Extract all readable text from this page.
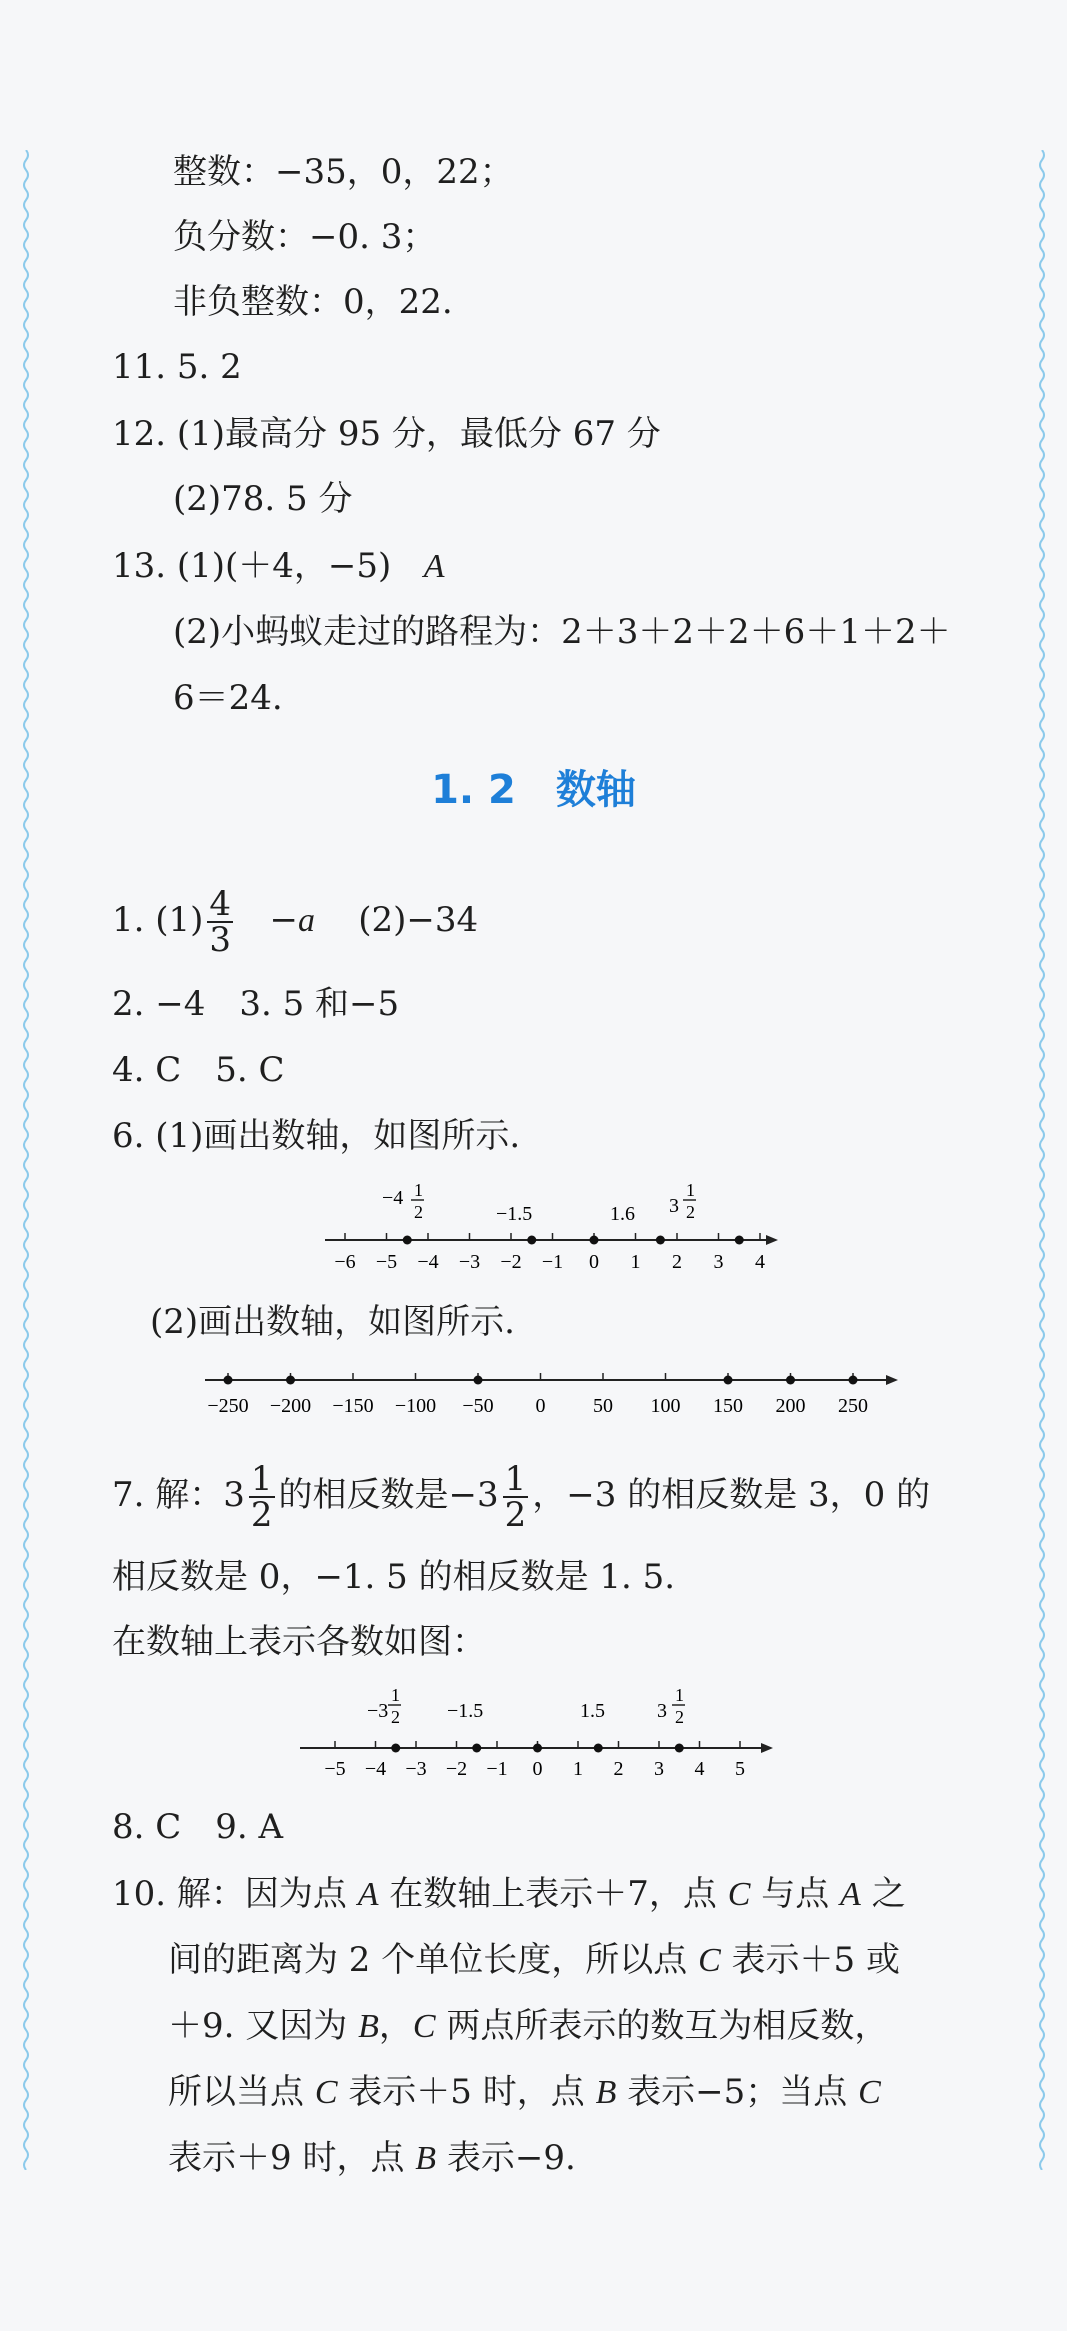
整数：−35，0，22；
负分数：−0. 3；
非负整数：0，22.
11. 5. 2
12. (1)最高分 95 分，最低分 67 分
(2)78. 5 分
13. (1)(＋4，−5) A
(2)小蚂蚁走过的路程为：2＋3＋2＋2＋6＋1＋2＋
6＝24.
1. 2　数轴
1. $(1) \frac{4}{3} -a$ (2)−34
2. −4　3. 5 和−5
4. C　5. C
6. (1)画出数轴，如图所示.
−6 −5 −4 −3 −2 −1 0 1 2 3 4
−4 1
2	−1.5	1.6 3
1
2
(2)画出数轴，如图所示.
−250 −200 −150 −100 −50 0 50 100 150 200 250
7. 解：$3 \frac{1}{2}$ 的相反数是$-3 \frac{1}{2}$ ，−3 的相反数是 3，0 的
相反数是 0，−1. 5 的相反数是 1. 5.
在数轴上表示各数如图：
−5 −4 −3 −2 −1 0 1 2 3 4 5
−3
1
2 −1.5	1.5	3
1
2
8. C　9. A
10. 解：因为点 A 在数轴上表示＋7，点 C 与点 A 之
间的距离为 2 个单位长度，所以点 C 表示＋5 或
＋9. 又因为 B，C 两点所表示的数互为相反数，
所以当点 C 表示＋5 时，点 B 表示−5；当点 C
表示＋9 时，点 B 表示−9.
